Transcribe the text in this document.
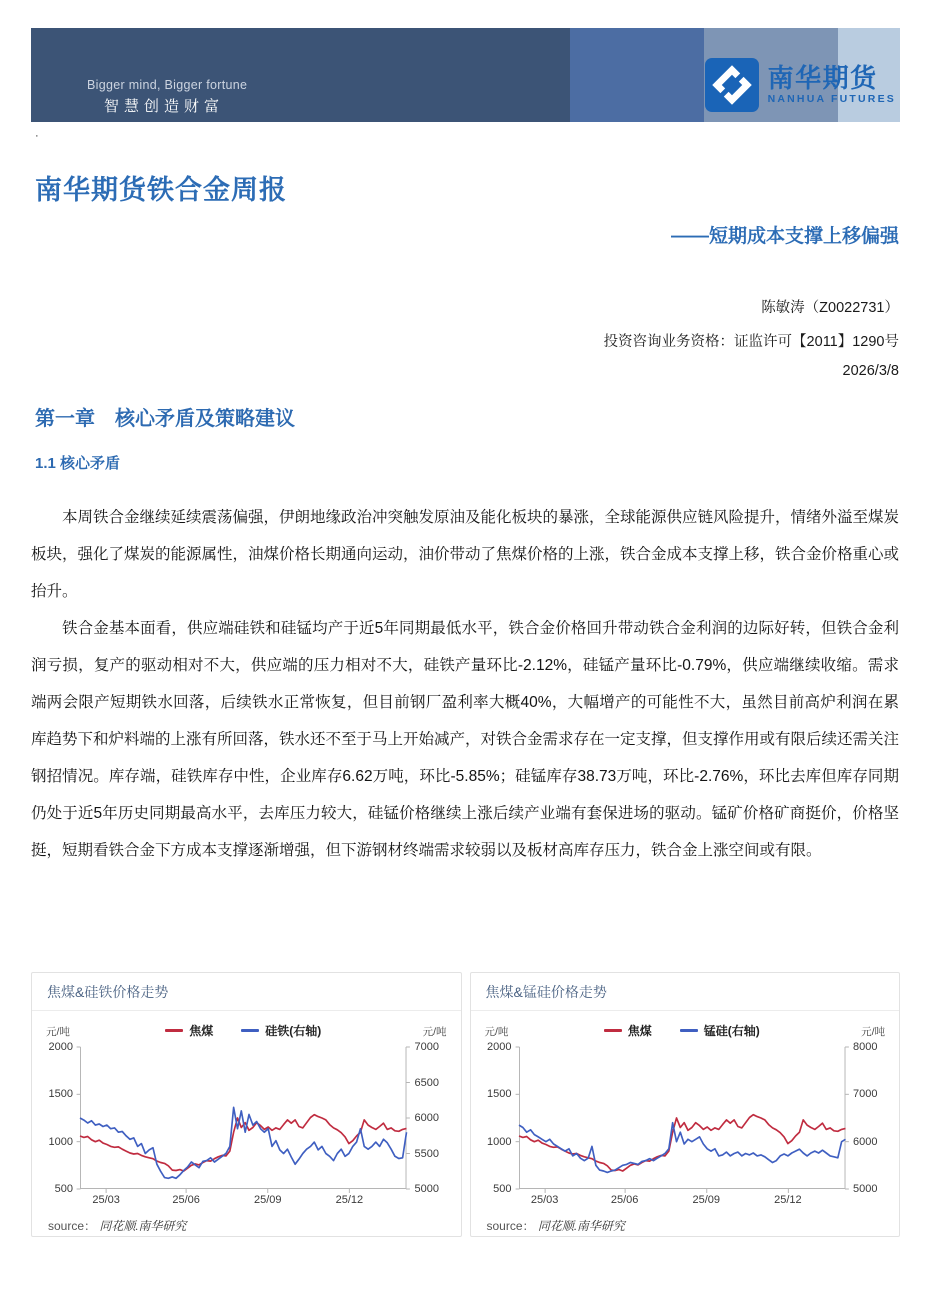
Bigger mind, Bigger fortune
智慧创造财富
南华期货
NANHUA FUTURES
·
南华期货铁合金周报
——短期成本支撑上移偏强
陈敏涛（Z0022731）
投资咨询业务资格：证监许可【2011】1290号
2026/3/8
第一章　核心矛盾及策略建议
1.1 核心矛盾

本周铁合金继续延续震荡偏强，伊朗地缘政治冲突触发原油及能化板块的暴涨，全球能源供应链风险提升，情绪外溢至煤炭板块，强化了煤炭的能源属性，油煤价格长期通向运动，油价带动了焦煤价格的上涨，铁合金成本支撑上移，铁合金价格重心或抬升。

铁合金基本面看，供应端硅铁和硅锰均产于近5年同期最低水平，铁合金价格回升带动铁合金利润的边际好转，但铁合金利润亏损，复产的驱动相对不大，供应端的压力相对不大，硅铁产量环比-2.12%，硅锰产量环比-0.79%，供应端继续收缩。需求端两会限产短期铁水回落，后续铁水正常恢复，但目前钢厂盈利率大概40%，大幅增产的可能性不大，虽然目前高炉利润在累库趋势下和炉料端的上涨有所回落，铁水还不至于马上开始减产，对铁合金需求存在一定支撑，但支撑作用或有限后续还需关注钢招情况。库存端，硅铁库存中性，企业库存6.62万吨，环比-5.85%；硅锰库存38.73万吨，环比-2.76%，环比去库但库存同期仍处于近5年历史同期最高水平，去库压力较大，硅锰价格继续上涨后续产业端有套保进场的驱动。锰矿价格矿商挺价，价格坚挺，短期看铁合金下方成本支撑逐渐增强，但下游钢材终端需求较弱以及板材高库存压力，铁合金上涨空间或有限。

焦煤&硅铁价格走势
元/吨	焦煤	硅铁(右轴)	元/吨
2000
1500
1000
500
7000
6500
6000
5500
5000
25/03	25/06	25/09	25/12
source： 同花顺.南华研究
焦煤&锰硅价格走势
元/吨	焦煤	锰硅(右轴)	元/吨
2000
1500
1000
500
8000
7000
6000
5000
25/03	25/06	25/09	25/12
source： 同花顺.南华研究
